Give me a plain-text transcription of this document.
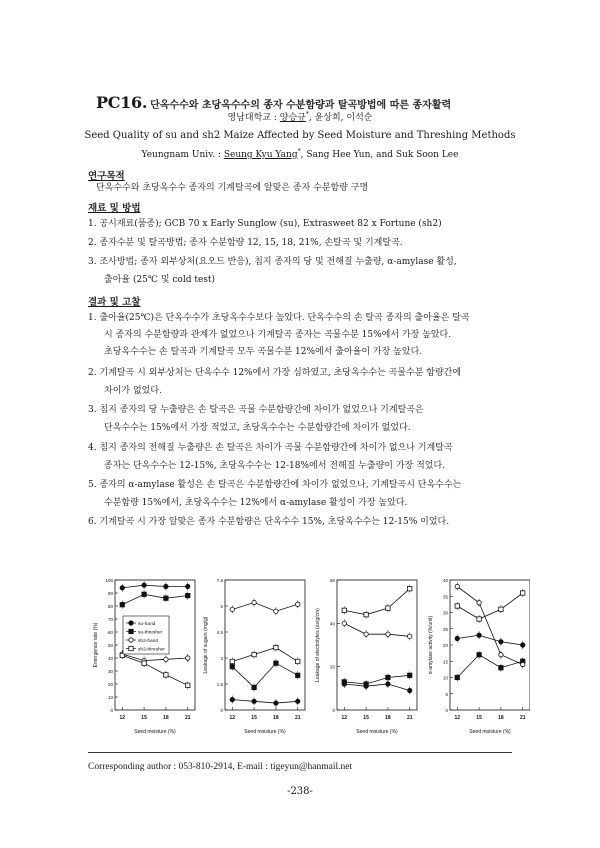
PC16. 단옥수수와 초당옥수수의 종자 수분함량과 탈곡방법에 따른 종자활력
영남대학교 : 양승규*, 윤상희, 이석순
Seed Quality of su and sh2 Maize Affected by Seed Moisture and Threshing Methods
Yeungnam Univ. : Seung Kyu Yang*, Sang Hee Yun, and Suk Soon Lee
연구목적
단옥수수와 초당옥수수 종자의 기계탈곡에 알맞은 종자 수분함량 구명
재료 및 방법
1. 공시재료(품종); GCB 70 x Early Sunglow (su), Extrasweet 82 x Fortune (sh2)
2. 종자수분 및 탈곡방법; 종자 수분함량 12, 15, 18, 21%, 손탈곡 및 기계탈곡.
3. 조사방법; 종자 외부상처(요오드 반응), 침지 종자의 당 및 전해질 누출량, α-amylase 활성,
출아율 (25℃ 및 cold test)
결과 및 고찰
1. 출아율(25℃)은 단옥수수가 초당옥수수보다 높았다. 단옥수수의 손 탈곡 종자의 출아율은 탈곡
시 종자의 수분함량과 관계가 없었으나 기계탈곡 종자는 곡물수분 15%에서 가장 높았다.
초당옥수수는 손 탈곡과 기계탈곡 모두 곡물수분 12%에서 출아율이 가장 높았다.
2. 기계탈곡 시 외부상처는 단옥수수 12%에서 가장 심하였고, 초당옥수수는 곡물수분 함량간에
차이가 없었다.
3. 침지 종자의 당 누출량은 손 탈곡은 곡물 수분함량간에 차이가 없었으나 기계탈곡은
단옥수수는 15%에서 가장 적었고, 초당옥수수는 수분함량간에 차이가 없었다.
4. 침지 종자의 전해질 누출량은 손 탈곡은 차이가 곡물 수분함량간에 차이가 없으나 기계탈곡
종자는 단옥수수는 12-15%, 초당옥수수는 12-18%에서 전해질 누출량이 가장 적었다.
5. 종자의 α-amylase 활성은 손 탈곡은 수분함량간에 차이가 없었으나, 기계탈곡시 단옥수수는
수분함량 15%에서, 초당옥수수는 12%에서 α-amylase 활성이 가장 높았다.
6. 기계탈곡 시 가장 알맞은 종자 수분함량은 단옥수수 15%, 초당옥수수는 12-15% 이었다.
0
10
20
30
40
50
60
70
80
90
100
12	15	18	21
Seed moisture (%)
Emergence rate (%)	su-hand
su-thresher
sh2-hand
sh2-thresher
0
1.5
3
4.5
6
7.5
12	15	18	21
Seed moisture (%)
Leakage of sugars (mg/g)
0
20
40
60
12	15	18	21
Seed moisture (%)
Leakage of electrolytes (us/g/cm)
0
5
10
15
20
25
30
35
40
12	15	18	21
Seed moisture (%)
α-amylase activity (%/unit)
Corresponding author : 053-810-2914, E-mail : tigeyun@hanmail.net
-238-
